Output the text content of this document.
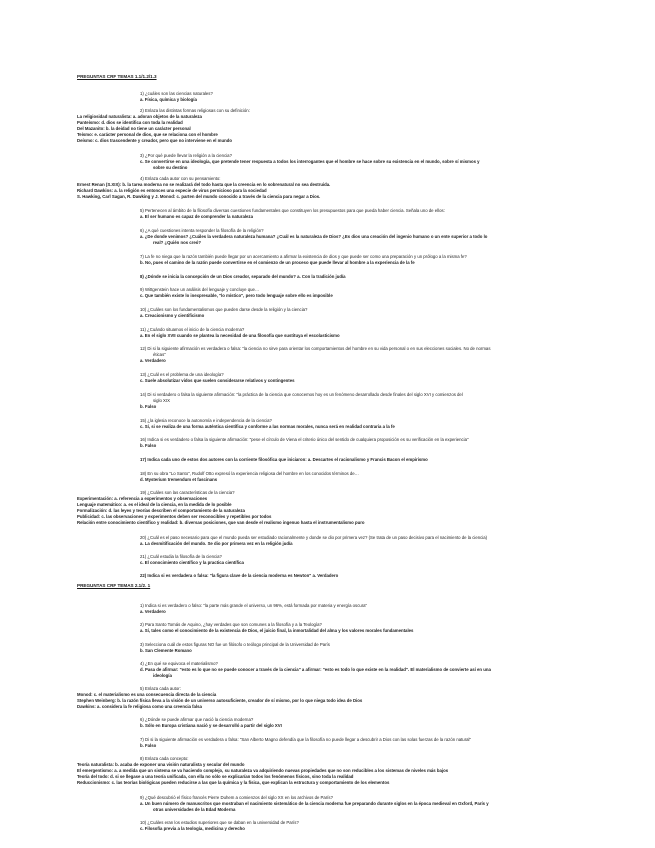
PREGUNTAS CRF TEMAS 1.1/1.2/1.3
PREGUNTAS CRF TEMAS 2.1/2. 1
1) ¿cuáles son las ciencias naturales?
a. Física, química y biología
2) Enlaza las distintas formas religiosas con su definición:
La religiosidad naturalista: a. adoran objetos de la naturaleza
Panteísmo: d. dios se identifica con toda la realidad
Del Mazanito: b. la deidad no tiene un carácter personal
Teísmo: e. carácter personal de dios, que se relaciona con el hombre
Deísmo: c. dios trascendente y creador, pero que no interviene en el mundo
3) ¿Por qué puede llevar la religión a la ciencia?
c. Se convertirse en una ideología, que pretende tener respuesta a todos los interrogantes que el hombre se hace sobre su existencia en el mundo, sobre sí mismos y
sobre su destino
4) Enlaza cada autor con su pensamiento:
Ernest Renan (S.XIX): b. la tarea moderna no se realizará del todo hasta que la creencia en lo sobrenatural no sea destruida.
Richard Dawkins: a. la religión es entonces una especie de virus pernicioso para la sociedad
S. Hawking, Carl Sagan, R. Dawking y J. Monod: c. parten del mundo conocido a través de la ciencia para negar a Dios.
5) Pertenecen al ámbito de la filosofía diversas cuestiones fundamentales que constituyen los presupuestos para que pueda haber ciencia. Señala uno de ellos:
a. El ser humano es capaz de comprender la naturaleza
6) ¿A qué cuestiones intenta responder la filosofía de la religión?
a. ¿De donde venimos? ¿Cuáles la verdadera naturaleza humana? ¿Cuál es la naturaleza de Dios? ¿Es dios una creación del ingenio humano o un ente superior a todo lo
real? ¿Quién nos creó?
7) La fe no niega que la razón también puede llegar por un acercamiento a afirmar la existencia de dios y que puede ser como una preparación y un prólogo a la misma fe?
b. No, pues el camino de la razón puede convertirse en el comienzo de un proceso que puede llevar al hombre a la experiencia de la fe
8) ¿Dónde se inicia la concepción de un Dios creador, separado del mundo? a. Con la tradición judía
9) Wittgenstein hace un análisis del lenguaje y concluye que…
c. Que también existe lo inexpresable, "lo místico", pero todo lenguaje sobre ello es imposible
10) ¿Cuáles son los fundamentalismos que pueden darse desde la religión y la ciencia?
a. Creacionismo y cientificismo
11) ¿Cuándo situamos el inicio de la ciencia moderna?
a. En el siglo XVII cuando se plantea la necesidad de una filosofía que sustituya el escolasticismo
12) Di si la siguiente afirmación es verdadera o falsa: "la ciencia no sirve para orientar los comportamientos del hombre en su vida personal o en sus elecciones sociales. No de normas
éticas"
a. Verdadero
13) ¿Cuál es el problema de una ideología?
c. Suele absolutizar vidos que suelen considerarse relativos y contingentes
14) Di si verdadero o falsa la siguiente afirmación: "la práctica de la ciencia que conocemos hoy es un fenómeno desarrollado desde finales del siglo XVI y comienzos del
siglo XIX
b. Falso
15) ¿la iglesia reconoce la autonomía e independencia de la ciencia?
c. Sí, si se realiza de una forma auténtica científica y conforme a las normas morales, nunca será en realidad contraria a la fe
16) Indica si es verdadero o falsa la siguiente afirmación: "pese el círculo de Viena el criterio único del sentido de cualquiera proposición es su verificación en la experiencia"
b. Falso
17) Indica cada uno de estos dos autores con la corriente filosófica que iniciaron: a. Descartes el racionalismo y Francis Bacon el empirismo
18) En su obra "Lo Santo", Rudolf Otto expresó la experiencia religiosa del hombre en los conocidos términos de…
d. Mysterium tremendum et fascinans
19) ¿Cuáles son las características de la ciencia?
Experimentación: a. referencia a experimentos y observaciones
Lenguaje matemático: a. es el ideal de la ciencia, en la medida de lo posible
Formalización: d. las leyes y teorías describen el comportamiento de la naturaleza
Publicidad: c. las observaciones y experimentos deben ser reconocibles y repetibles por todos
Relación entre conocimiento científico y realidad: b. diversas posiciones, que van desde el realismo ingenuo hasta el instrumentalismo puro
20) ¿Cuál es el paso necesario para que el mundo pueda ser estudiado racionalmente y donde se dio por primera vez? (Se trata de un paso decisivo para el nacimiento de la ciencia)
a. La desmitificación del mundo. Se dio por primera vez en la religión judía
21) ¿Cuál estudia la filosofía de la ciencia?
c. El conocimiento científico y la practica científica
22) Indica si es verdadera o falsa: "la figura clave de la ciencia moderna es Newton" a. Verdadero
1) Indica si es verdadero o falso: "la parte más grande el universo, un 96%, está formada por materia y energía oscura"
a. Verdadero
2) Para Santo Tomás de Aquino, ¿hay verdades que son comunes a la filosofía y a la Teología?
a. Sí, tales como el conocimiento de la existencia de Dios, el juicio final, la inmortalidad del alma y los valores morales fundamentales
3) Selecciona cuál de estos figuras NO fue un filósofo o teólogo principal de la Universidad de París
b. San Clemente Romano
4) ¿En qué se equivoca el materialismo?
d. Pasa de afirmar: "esto es lo que no se puede conocer a través de la ciencia" a afirmar: "esto es todo lo que existe en la realidad". El materialismo de convierte así en una
ideología
5) Enlaza cada autor:
Monod: c. el materialismo es una consecuencia directa de la ciencia
Stephen Weinberg: b. la razón física lleva a la visión de un universo autosuficiente, creador de sí mismo, por lo que niega todo idea de Dios
Dawkins: a. considera la fe religiosa como una creencia falsa
6) ¿Dónde se puede afirmar que nació la ciencia moderna?
b. Sólo en Europa cristiana nació y se desarrolló a partir del siglo XVI
7) Di si la siguiente afirmación es verdadera o falsa: "San Alberto Magno defendía que la filosofía no puede llegar a descubrir a Dios con las solas fuerzas de la razón natural"
b. Falso
8) Enlaza cada concepto:
Teoría naturalista: b. acaba de exponer una visión naturalista y secular del mundo
El emergentismo: a. a medida que un sistema se va haciendo complejo, su naturaleza va adquiriendo nuevas propiedades que no son reducibles a los sistemas de niveles más bajos
Teoría del todo: d. si se llegase a una teoría unificada, con ella no sólo se explicarían todos los fenómenos físicos, sino toda la realidad
Reduccionismo: c. las teorías biológicas pueden reducirse a las que la química y la física, que explican la estructura y comportamiento de los elementos
9) ¿Qué descubrió el físico francés Pierre Duhem a comienzos del siglo XX en los archivos de París?
a. Un buen número de manuscritos que mostraban el nacimiento sistemático de la ciencia moderna fue preparando durante siglos en la época medieval en Oxford, París y
otras universidades de la Edad Moderna
10) ¿Cuáles eran los estudios superiores que se daban en la universidad de París?
c. Filosofía previa a la teología, medicina y derecho
